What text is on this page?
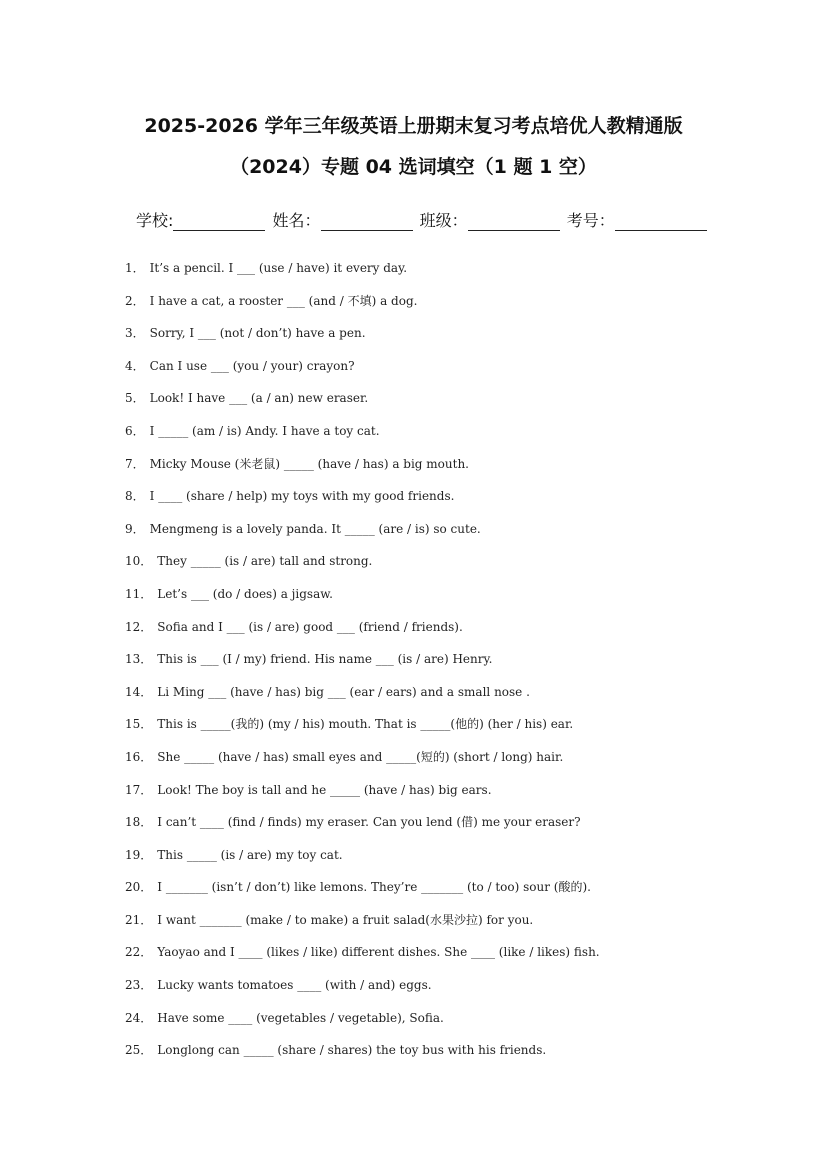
2025-2026 学年三年级英语上册期末复习考点培优人教精通版
（2024）专题 04 选词填空（1 题 1 空）
学校:	姓名：	班级：	考号：
1． It’s a pencil. I ___ (use / have) it every day.
2． I have a cat, a rooster ___ (and / 不填) a dog.
3． Sorry, I ___ (not / don’t) have a pen.
4． Can I use ___ (you / your) crayon?
5． Look! I have ___ (a / an) new eraser.
6． I _____ (am / is) Andy. I have a toy cat.
7． Micky Mouse (米老鼠) _____ (have / has) a big mouth.
8． I ____ (share / help) my toys with my good friends.
9． Mengmeng is a lovely panda. It _____ (are / is) so cute.
10． They _____ (is / are) tall and strong.
11． Let’s ___ (do / does) a jigsaw.
12． Sofia and I ___ (is / are) good ___ (friend / friends).
13． This is ___ (I / my) friend. His name ___ (is / are) Henry.
14． Li Ming ___ (have / has) big ___ (ear / ears) and a small nose .
15． This is _____(我的) (my / his) mouth. That is _____(他的) (her / his) ear.
16． She _____ (have / has) small eyes and _____(短的) (short / long) hair.
17． Look! The boy is tall and he _____ (have / has) big ears.
18． I can’t ____ (find / finds) my eraser. Can you lend (借) me your eraser?
19． This _____ (is / are) my toy cat.
20． I _______ (isn’t / don’t) like lemons. They’re _______ (to / too) sour (酸的).
21． I want _______ (make / to make) a fruit salad(水果沙拉) for you.
22． Yaoyao and I ____ (likes / like) different dishes. She ____ (like / likes) fish.
23． Lucky wants tomatoes ____ (with / and) eggs.
24． Have some ____ (vegetables / vegetable), Sofia.
25． Longlong can _____ (share / shares) the toy bus with his friends.
